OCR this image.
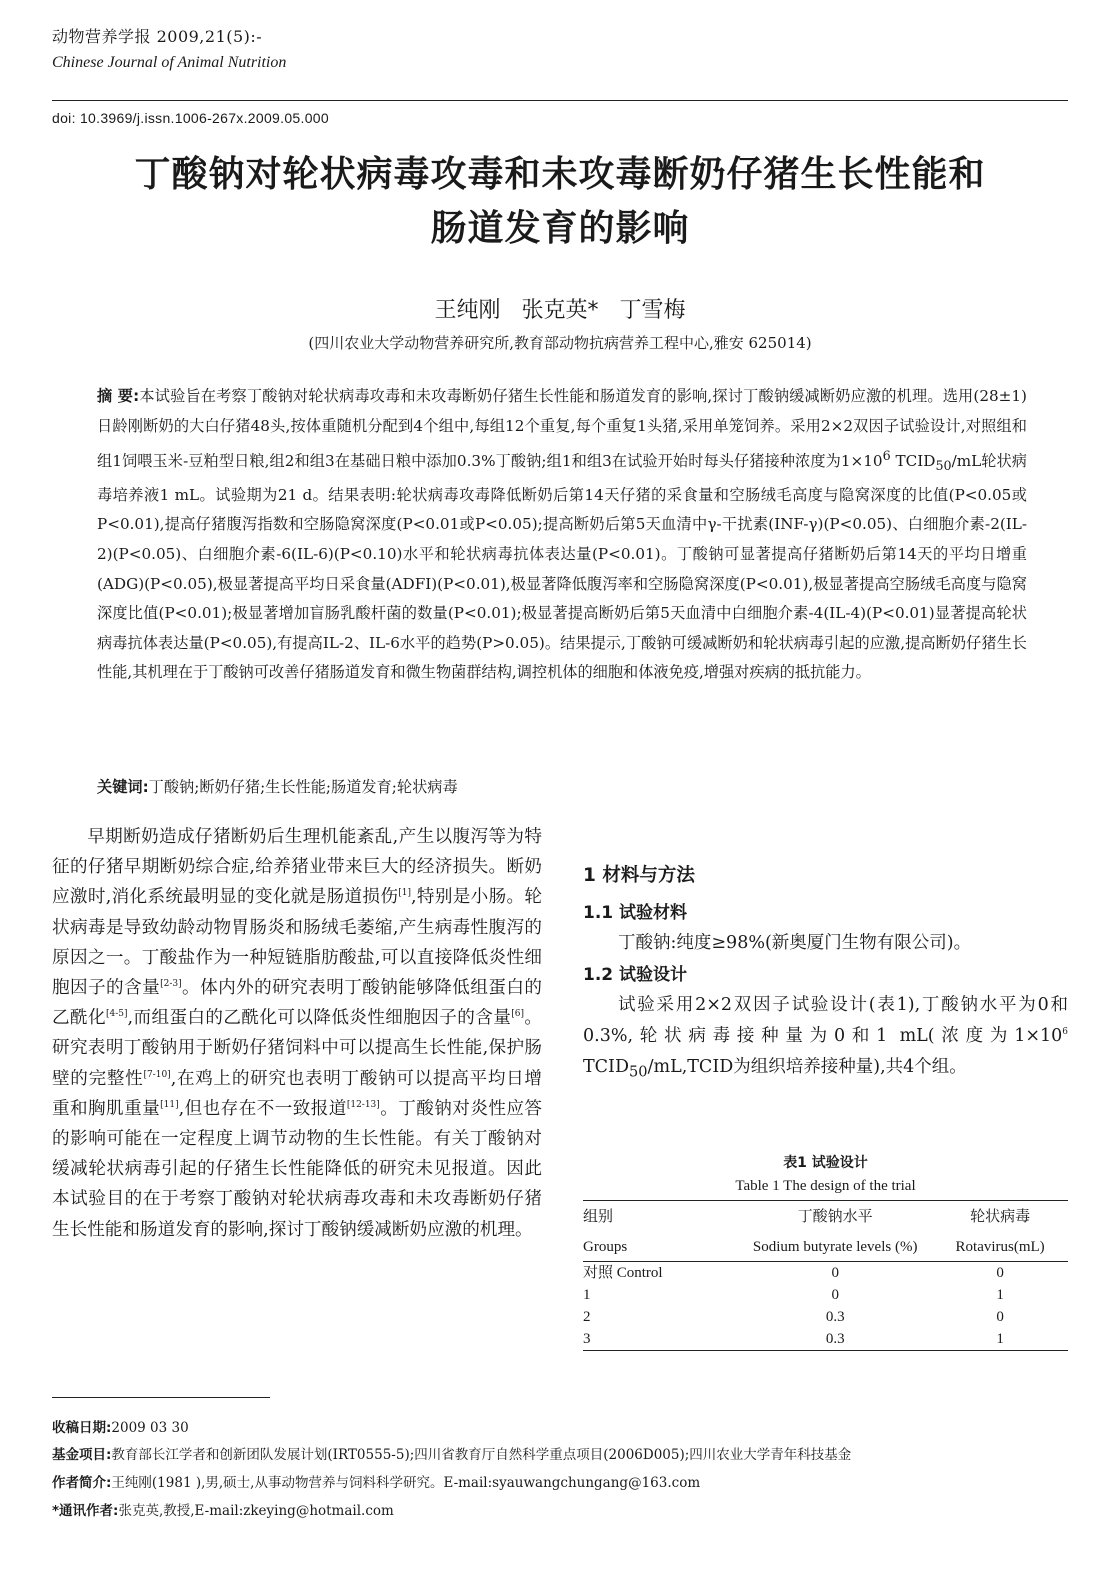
动物营养学报 2009,21(5):-
Chinese Journal of Animal Nutrition
doi: 10.3969/j.issn.1006-267x.2009.05.000
丁酸钠对轮状病毒攻毒和未攻毒断奶仔猪生长性能和
肠道发育的影响
王纯刚 张克英* 丁雪梅
(四川农业大学动物营养研究所,教育部动物抗病营养工程中心,雅安 625014)
摘 要:本试验旨在考察丁酸钠对轮状病毒攻毒和未攻毒断奶仔猪生长性能和肠道发育的影响,探讨丁酸钠缓减断奶应激的机理。选用(28±1)日龄刚断奶的大白仔猪48头,按体重随机分配到4个组中,每组12个重复,每个重复1头猪,采用单笼饲养。采用2×2双因子试验设计,对照组和组1饲喂玉米-豆粕型日粮,组2和组3在基础日粮中添加0.3%丁酸钠;组1和组3在试验开始时每头仔猪接种浓度为$1\times 10^6$ $TCID_{50}/mL$轮状病毒培养液1 mL。试验期为21 d。结果表明:轮状病毒攻毒降低断奶后第14天仔猪的采食量和空肠绒毛高度与隐窝深度的比值(P<0.05或P<0.01),提高仔猪腹泻指数和空肠隐窝深度(P<0.01或P<0.05);提高断奶后第5天血清中γ-干扰素(INF-γ)(P<0.05)、白细胞介素-2(IL-2)(P<0.05)、白细胞介素-6(IL-6)(P<0.10)水平和轮状病毒抗体表达量(P<0.01)。丁酸钠可显著提高仔猪断奶后第14天的平均日增重(ADG)(P<0.05),极显著提高平均日采食量(ADFI)(P<0.01),极显著降低腹泻率和空肠隐窝深度(P<0.01),极显著提高空肠绒毛高度与隐窝深度比值(P<0.01);极显著增加盲肠乳酸杆菌的数量(P<0.01);极显著提高断奶后第5天血清中白细胞介素-4(IL-4)(P<0.01)显著提高轮状病毒抗体表达量(P<0.05),有提高IL-2、IL-6水平的趋势(P>0.05)。结果提示,丁酸钠可缓减断奶和轮状病毒引起的应激,提高断奶仔猪生长性能,其机理在于丁酸钠可改善仔猪肠道发育和微生物菌群结构,调控机体的细胞和体液免疫,增强对疾病的抵抗能力。
关键词:丁酸钠;断奶仔猪;生长性能;肠道发育;轮状病毒
早期断奶造成仔猪断奶后生理机能紊乱,产生以腹泻等为特征的仔猪早期断奶综合症,给养猪业带来巨大的经济损失。断奶应激时,消化系统最明显的变化就是肠道损伤[1],特别是小肠。轮状病毒是导致幼龄动物胃肠炎和肠绒毛萎缩,产生病毒性腹泻的原因之一。丁酸盐作为一种短链脂肪酸盐,可以直接降低炎性细胞因子的含量[2-3]。体内外的研究表明丁酸钠能够降低组蛋白的乙酰化[4-5],而组蛋白的乙酰化可以降低炎性细胞因子的含量[6]。研究表明丁酸钠用于断奶仔猪饲料中可以提高生长性能,保护肠壁的完整性[7-10],在鸡上的研究也表明丁酸钠可以提高平均日增重和胸肌重量[11],但也存在不一致报道[12-13]。丁酸钠对炎性应答的影响可能在一定程度上调节动物的生长性能。有关丁酸钠对缓减轮状病毒引起的仔猪生长性能降低的研究未见报道。因此本试验目的在于考察丁酸钠对轮状病毒攻毒和未攻毒断奶仔猪生长性能和肠道发育的影响,探讨丁酸钠缓减断奶应激的机理。
1 材料与方法
1.1 试验材料
丁酸钠:纯度≥98%(新奥厦门生物有限公司)。
1.2 试验设计
试验采用2×2双因子试验设计(表1),丁酸钠水平为0和0.3%,轮状病毒接种量为0和1 mL(浓度为$1\times 10^6$ $TCID_{50}/mL,TCID$为组织培养接种量),共4个组。
表1 试验设计
Table 1 The design of the trial
组别	丁酸钠水平	轮状病毒
Groups	Sodium butyrate levels (%)	Rotavirus(mL)
对照 Control	0	0
1	0	1
2	0.3	0
3	0.3	1
收稿日期:2009 03 30
基金项目:教育部长江学者和创新团队发展计划(IRT0555-5);四川省教育厅自然科学重点项目(2006D005);四川农业大学青年科技基金
作者简介:王纯刚(1981 ),男,硕士,从事动物营养与饲料科学研究。E-mail:syauwangchungang@163.com
*通讯作者:张克英,教授,E-mail:zkeying@hotmail.com
